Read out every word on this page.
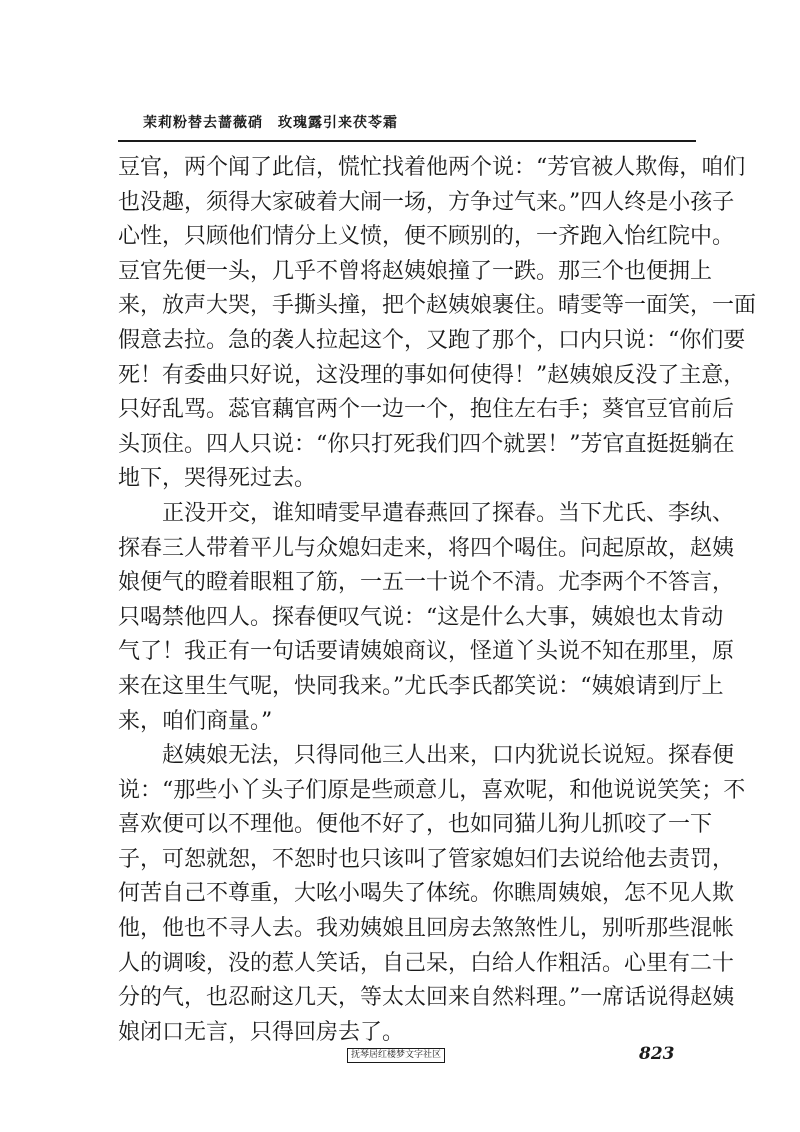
茉莉粉替去蔷薇硝　玫瑰露引来茯苓霜
豆官，两个闻了此信，慌忙找着他两个说：“芳官被人欺侮，咱们
也没趣，须得大家破着大闹一场，方争过气来。”四人终是小孩子
心性，只顾他们情分上义愤，便不顾别的，一齐跑入怡红院中。
豆官先便一头，几乎不曾将赵姨娘撞了一跌。那三个也便拥上
来，放声大哭，手撕头撞，把个赵姨娘裹住。晴雯等一面笑，一面
假意去拉。急的袭人拉起这个，又跑了那个，口内只说：“你们要
死！有委曲只好说，这没理的事如何使得！”赵姨娘反没了主意，
只好乱骂。蕊官藕官两个一边一个，抱住左右手；葵官豆官前后
头顶住。四人只说：“你只打死我们四个就罢！”芳官直挺挺躺在
地下，哭得死过去。
正没开交，谁知晴雯早遣春燕回了探春。当下尤氏、李纨、
探春三人带着平儿与众媳妇走来，将四个喝住。问起原故，赵姨
娘便气的瞪着眼粗了筋，一五一十说个不清。尤李两个不答言，
只喝禁他四人。探春便叹气说：“这是什么大事，姨娘也太肯动
气了！我正有一句话要请姨娘商议，怪道丫头说不知在那里，原
来在这里生气呢，快同我来。”尤氏李氏都笑说：“姨娘请到厅上
来，咱们商量。”
赵姨娘无法，只得同他三人出来，口内犹说长说短。探春便
说：“那些小丫头子们原是些顽意儿，喜欢呢，和他说说笑笑；不
喜欢便可以不理他。便他不好了，也如同猫儿狗儿抓咬了一下
子，可恕就恕，不恕时也只该叫了管家媳妇们去说给他去责罚，
何苦自己不尊重，大吆小喝失了体统。你瞧周姨娘，怎不见人欺
他，他也不寻人去。我劝姨娘且回房去煞煞性儿，别听那些混帐
人的调唆，没的惹人笑话，自己呆，白给人作粗活。心里有二十
分的气，也忍耐这几天，等太太回来自然料理。”一席话说得赵姨
娘闭口无言，只得回房去了。
抚琴居红楼梦文字社区	823
